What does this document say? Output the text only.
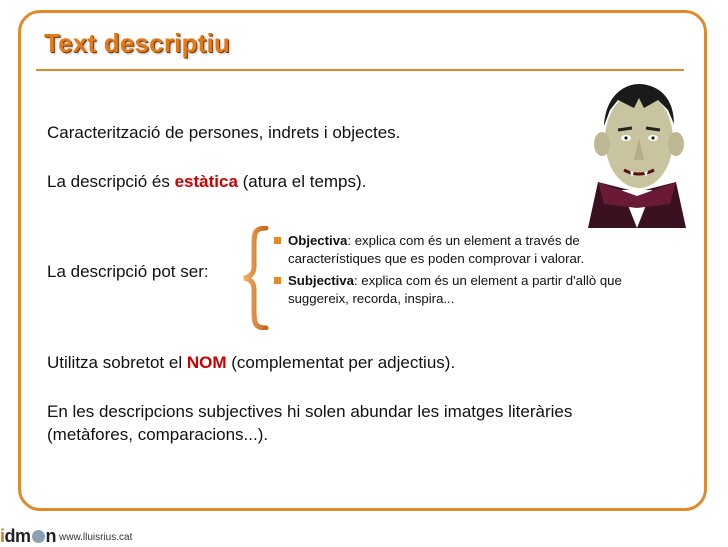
Text descriptiu
Caracterització de persones, indrets i objectes.
La descripció és estàtica (atura el temps).
La descripció pot ser:
Objectiva: explica com és un element a través de característiques que es poden comprovar i valorar.
Subjectiva: explica com és un element a partir d'allò que suggereix, recorda, inspira...
Utilitza sobretot el NOM (complementat per adjectius).
En les descripcions subjectives hi solen abundar les imatges literàries
(metàfores, comparacions...).
idm n www.lluisrius.cat
